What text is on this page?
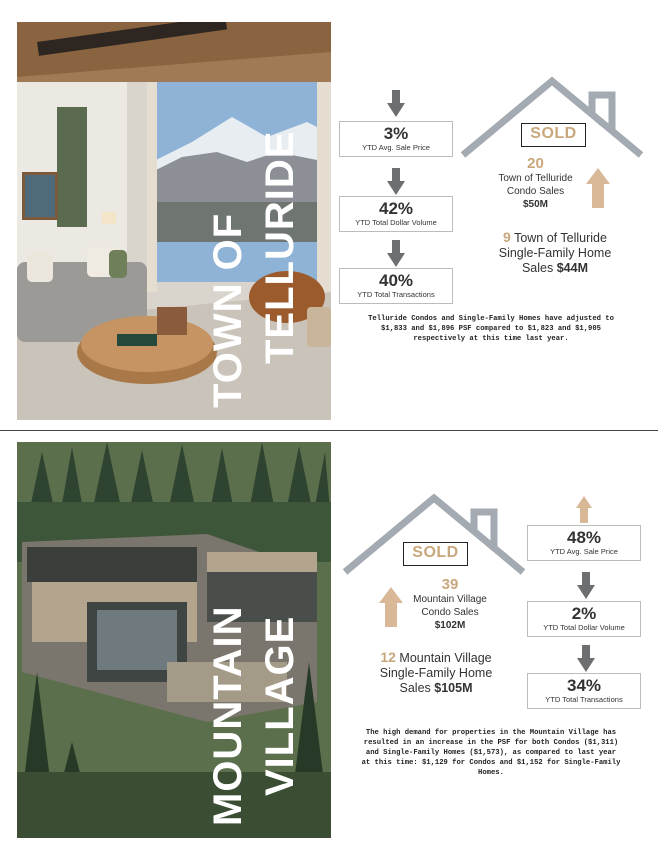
TOWN OF TELLURIDE	3%
YTD Avg. Sale Price
42%
YTD Total Dollar Volume
40%
YTD Total Transactions
SOLD
20
Town of Telluride
Condo Sales
$50M
9 Town of Telluride
Single-Family Home
Sales $44M
Telluride Condos and Single-Family Homes have adjusted to $1,833 and $1,896 PSF compared to $1,823 and $1,905 respectively at this time last year.
MOUNTAIN VILLAGE
SOLD
39
Mountain Village
Condo Sales
$102M
12 Mountain Village
Single-Family Home
Sales $105M
48%
YTD Avg. Sale Price
2%
YTD Total Dollar Volume
34%
YTD Total Transactions
The high demand for properties in the Mountain Village has resulted in an increase in the PSF for both Condos ($1,311) and Single-Family Homes ($1,573), as compared to last year at this time: $1,129 for Condos and $1,152 for Single-Family Homes.
